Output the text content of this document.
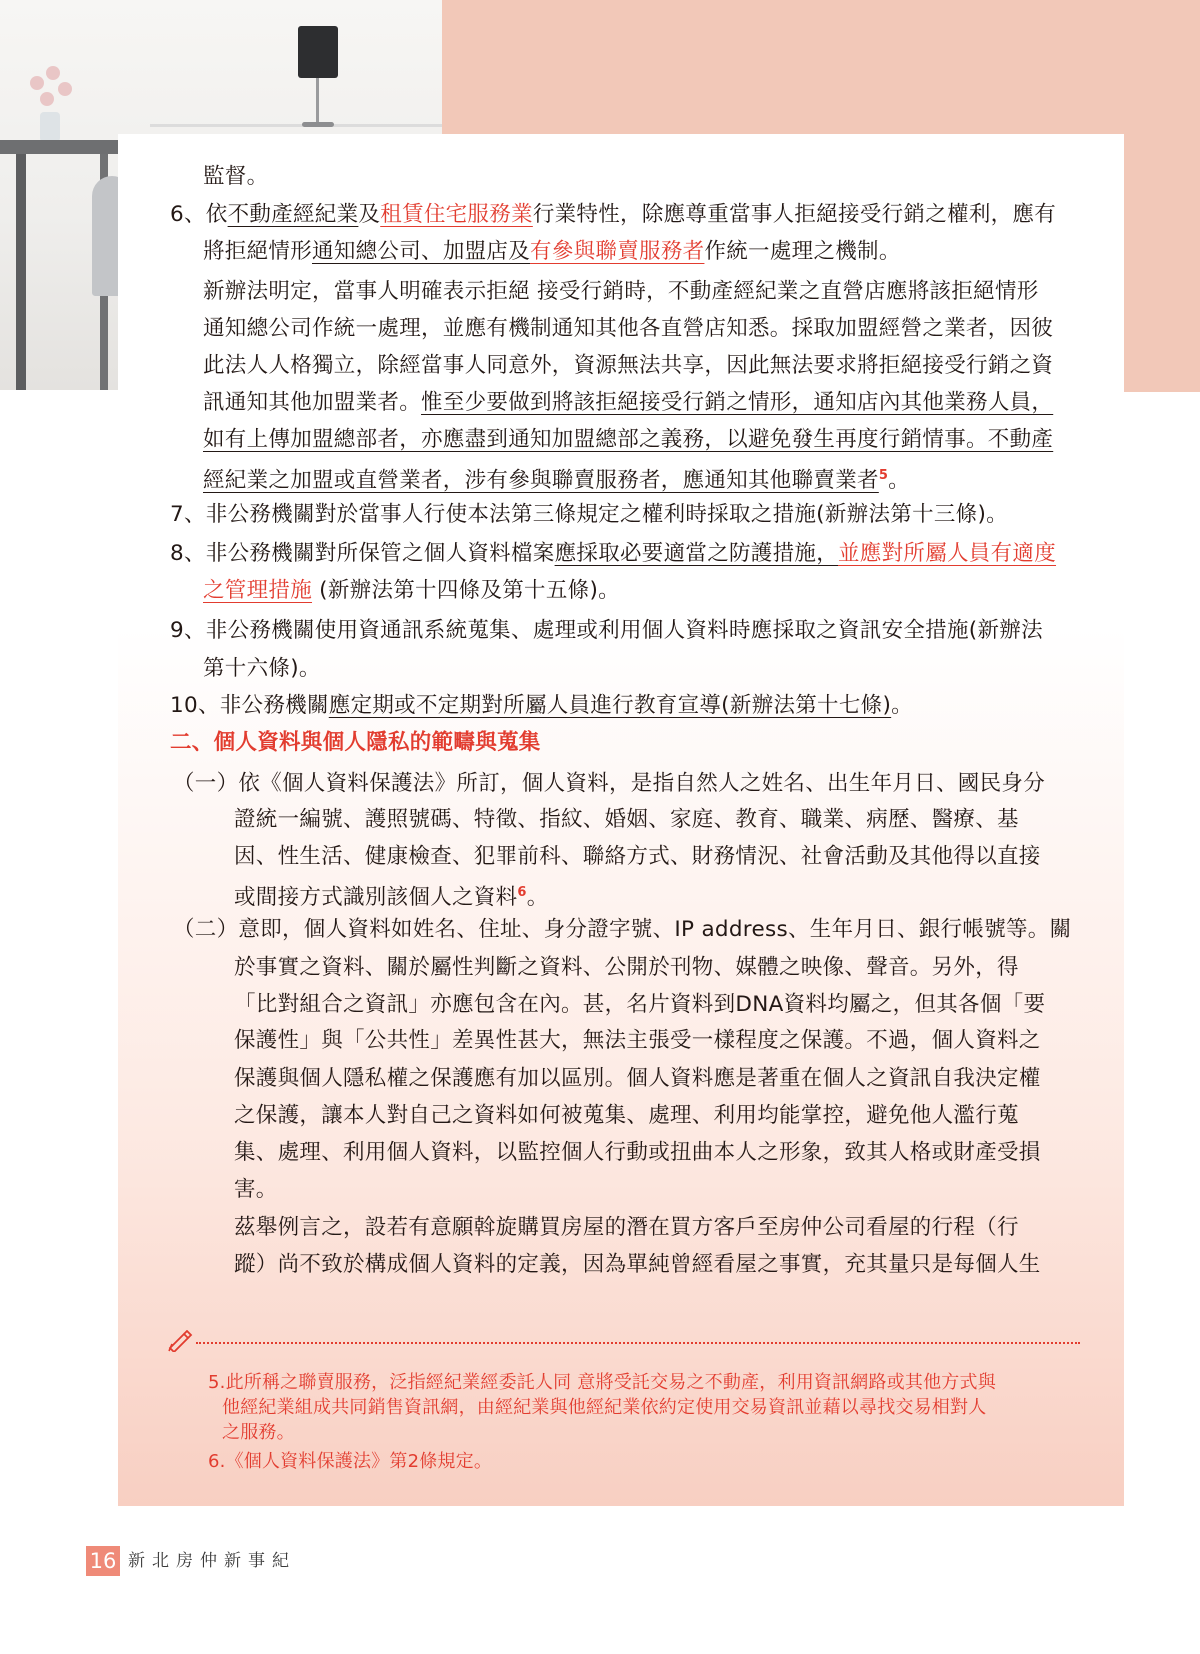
監督。
6、依不動產經紀業及租賃住宅服務業行業特性，除應尊重當事人拒絕接受行銷之權利，應有
將拒絕情形通知總公司、加盟店及有參與聯賣服務者作統一處理之機制。
新辦法明定，當事人明確表示拒絕 接受行銷時，不動產經紀業之直營店應將該拒絕情形
通知總公司作統一處理，並應有機制通知其他各直營店知悉。採取加盟經營之業者，因彼
此法人人格獨立，除經當事人同意外，資源無法共享，因此無法要求將拒絕接受行銷之資
訊通知其他加盟業者。惟至少要做到將該拒絕接受行銷之情形，通知店內其他業務人員，
如有上傳加盟總部者，亦應盡到通知加盟總部之義務，以避免發生再度行銷情事。不動產
經紀業之加盟或直營業者，涉有參與聯賣服務者，應通知其他聯賣業者$^5$。
7、非公務機關對於當事人行使本法第三條規定之權利時採取之措施(新辦法第十三條)。
8、非公務機關對所保管之個人資料檔案應採取必要適當之防護措施，並應對所屬人員有適度
之管理措施 (新辦法第十四條及第十五條)。
9、非公務機關使用資通訊系統蒐集、處理或利用個人資料時應採取之資訊安全措施(新辦法
第十六條)。
10、非公務機關應定期或不定期對所屬人員進行教育宣導(新辦法第十七條)。
二、個人資料與個人隱私的範疇與蒐集
（一）依《個人資料保護法》所訂，個人資料，是指自然人之姓名、出生年月日、國民身分
證統一編號、護照號碼、特徵、指紋、婚姻、家庭、教育、職業、病歷、醫療、基
因、性生活、健康檢查、犯罪前科、聯絡方式、財務情況、社會活動及其他得以直接
或間接方式識別該個人之資料$^6$。
（二）意即，個人資料如姓名、住址、身分證字號、IP address、生年月日、銀行帳號等。關
於事實之資料、關於屬性判斷之資料、公開於刊物、媒體之映像、聲音。另外，得
「比對組合之資訊」亦應包含在內。甚，名片資料到DNA資料均屬之，但其各個「要
保護性」與「公共性」差異性甚大，無法主張受一樣程度之保護。不過，個人資料之
保護與個人隱私權之保護應有加以區別。個人資料應是著重在個人之資訊自我決定權
之保護，讓本人對自己之資料如何被蒐集、處理、利用均能掌控，避免他人濫行蒐
集、處理、利用個人資料，以監控個人行動或扭曲本人之形象，致其人格或財產受損
害。
茲舉例言之，設若有意願斡旋購買房屋的潛在買方客戶至房仲公司看屋的行程（行
蹤）尚不致於構成個人資料的定義，因為單純曾經看屋之事實，充其量只是每個人生
5.此所稱之聯賣服務，泛指經紀業經委託人同 意將受託交易之不動產，利用資訊網路或其他方式與
他經紀業組成共同銷售資訊網，由經紀業與他經紀業依約定使用交易資訊並藉以尋找交易相對人
之服務。
6.《個人資料保護法》第2條規定。
16 新北房仲新事紀
